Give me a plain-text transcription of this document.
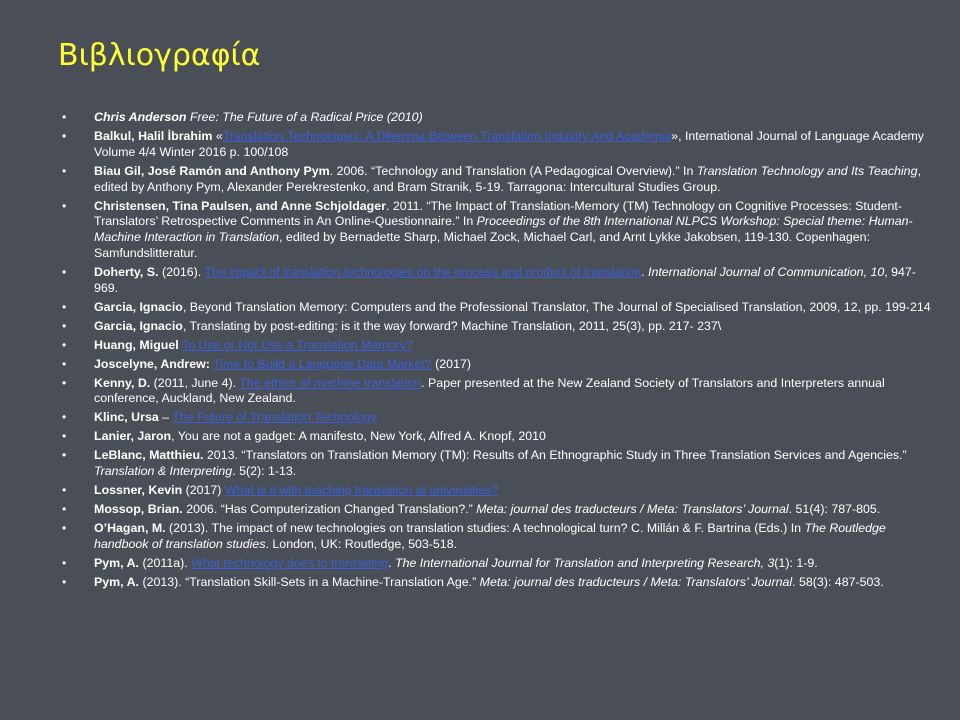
Βιβλιογραφία
• Chris Anderson Free: The Future of a Radical Price (2010)
• Balkul, Halil İbrahim «Translation Technologies: A Dilemma Between Translation Industry And Academia», International Journal of Language Academy Volume 4/4 Winter 2016 p. 100/108
• Biau Gil, José Ramón and Anthony Pym. 2006. “Technology and Translation (A Pedagogical Overview).” In Translation Technology and Its Teaching, edited by Anthony Pym, Alexander Perekrestenko, and Bram Stranik, 5-19. Tarragona: Intercultural Studies Group.
• Christensen, Tina Paulsen, and Anne Schjoldager. 2011. “The Impact of Translation-Memory (TM) Technology on Cognitive Processes: Student-Translators’ Retrospective Comments in An Online-Questionnaire.” In Proceedings of the 8th International NLPCS Workshop: Special theme: Human-Machine Interaction in Translation, edited by Bernadette Sharp, Michael Zock, Michael Carl, and Arnt Lykke Jakobsen, 119-130. Copenhagen: Samfundslitteratur.
• Doherty, S. (2016). The impact of translation technologies on the process and product of translation. International Journal of Communication, 10, 947-969.
• Garcia, Ignacio, Beyond Translation Memory: Computers and the Professional Translator, The Journal of Specialised Translation, 2009, 12, pp. 199-214
• Garcia, Ignacio, Translating by post-editing: is it the way forward? Machine Translation, 2011, 25(3), pp. 217- 237\
• Huang, Miguel To Use or Not Use a Translation Memory?
• Joscelyne, Andrew: Time to Build a Language Data Market? (2017)
• Kenny, D. (2011, June 4). The ethics of machine translation. Paper presented at the New Zealand Society of Translators and Interpreters annual conference, Auckland, New Zealand.
• Klinc, Ursa – The Future of Translation Technology
• Lanier, Jaron, You are not a gadget: A manifesto, New York, Alfred A. Knopf, 2010
• LeBlanc, Matthieu. 2013. “Translators on Translation Memory (TM): Results of An Ethnographic Study in Three Translation Services and Agencies.” Translation & Interpreting. 5(2): 1-13.
• Lossner, Kevin (2017) What is it with teaching translation at universities?
• Mossop, Brian. 2006. “Has Computerization Changed Translation?.” Meta: journal des traducteurs / Meta: Translators’ Journal. 51(4): 787-805.
• O’Hagan, M. (2013). The impact of new technologies on translation studies: A technological turn? C. Millán & F. Bartrina (Eds.) In The Routledge handbook of translation studies. London, UK: Routledge, 503-518.
• Pym, A. (2011a). What technology does to translating. The International Journal for Translation and Interpreting Research, 3(1): 1-9.
• Pym, A. (2013). “Translation Skill-Sets in a Machine-Translation Age.” Meta: journal des traducteurs / Meta: Translators’ Journal. 58(3): 487-503.
